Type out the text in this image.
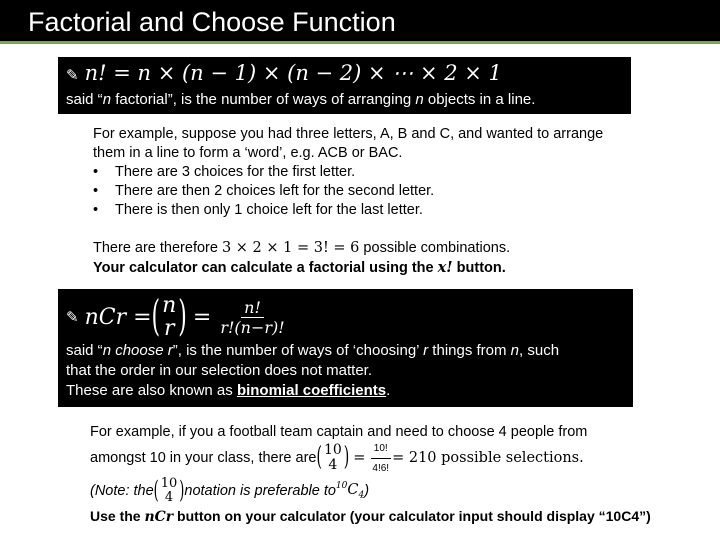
Factorial and Choose Function
✎ n! = n × (n − 1) × (n − 2) × ⋯ × 2 × 1
said “n factorial”, is the number of ways of arranging n objects in a line.
For example, suppose you had three letters, A, B and C, and wanted to arrange
them in a line to form a ‘word’, e.g. ACB or BAC.
• There are 3 choices for the first letter.
• There are then 2 choices left for the second letter.
• There is then only 1 choice left for the last letter.
There are therefore 3 × 2 × 1 = 3! = 6 possible combinations.
Your calculator can calculate a factorial using the x! button.
✎ nCr = ( n
r ) = $\frac{n!}{r!(n-r)!}$
said “n choose r”, is the number of ways of ‘choosing’ r things from n, such
that the order in our selection does not matter.
These are also known as binomial coefficients.
For example, if you a football team captain and need to choose 4 people from
amongst 10 in your class, there are ( 10
4 ) = $\frac{10!}{4!6!} = 210$ possible selections.
(Note: the ( 10
4 ) notation is preferable to $^{10}C_4$ )
Use the nCr button on your calculator (your calculator input should display “10C4”)
